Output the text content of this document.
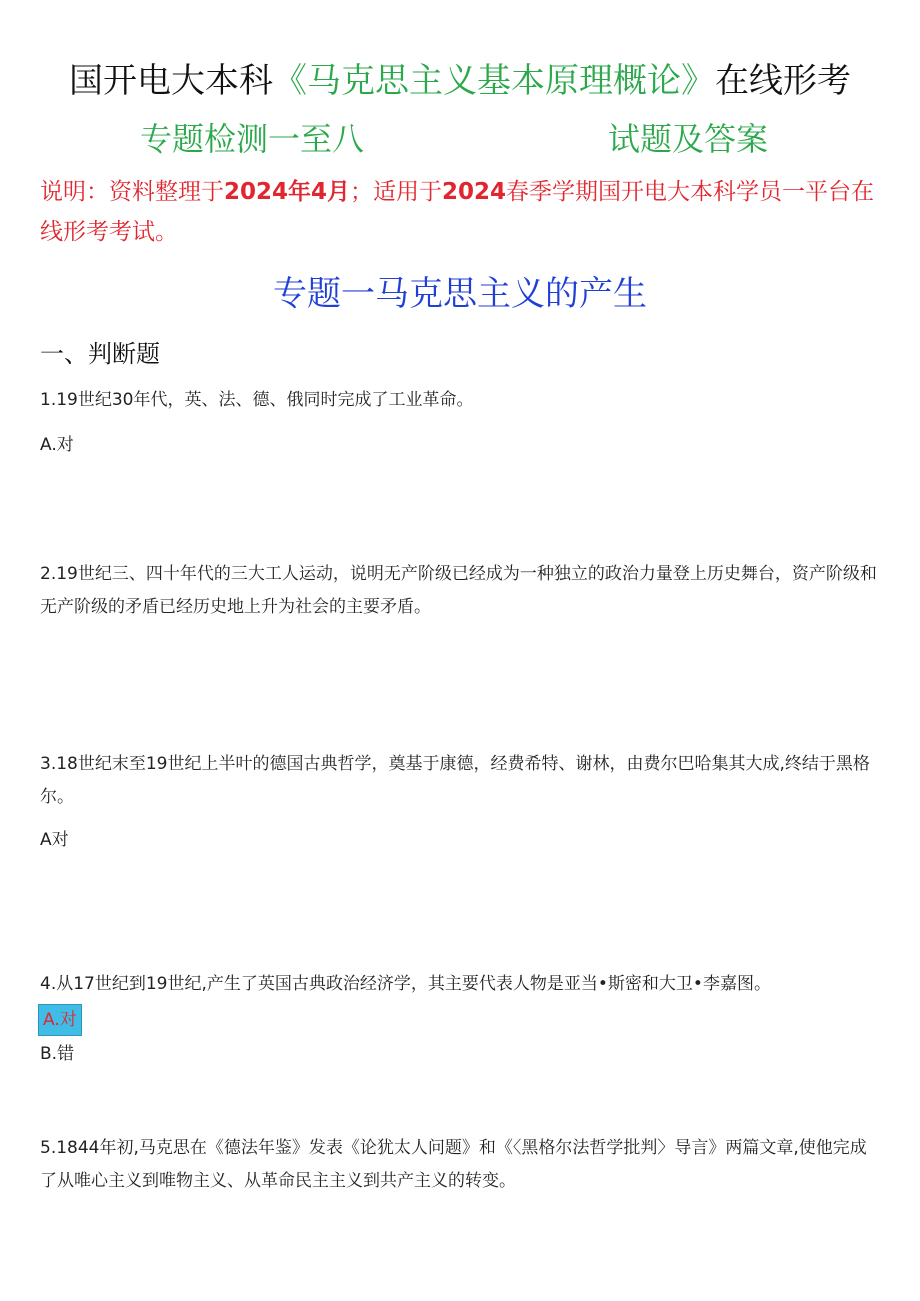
国开电大本科《马克思主义基本原理概论》在线形考
专题检测一至八	试题及答案
说明：资料整理于2024年4月；适用于2024春季学期国开电大本科学员一平台在线形考考试。
专题一马克思主义的产生
一、判断题
1.19世纪30年代，英、法、德、俄同时完成了工业革命。
A.对
2.19世纪三、四十年代的三大工人运动，说明无产阶级已经成为一种独立的政治力量登上历史舞台，资产阶级和无产阶级的矛盾已经历史地上升为社会的主要矛盾。
3.18世纪末至19世纪上半叶的德国古典哲学，奠基于康德，经费希特、谢林，由费尔巴哈集其大成,终结于黑格尔。
A对
4.从17世纪到19世纪,产生了英国古典政治经济学，其主要代表人物是亚当•斯密和大卫•李嘉图。
A.对
B.错
5.1844年初,马克思在《德法年鉴》发表《论犹太人问题》和《〈黑格尔法哲学批判〉导言》两篇文章,使他完成了从唯心主义到唯物主义、从革命民主主义到共产主义的转变。
